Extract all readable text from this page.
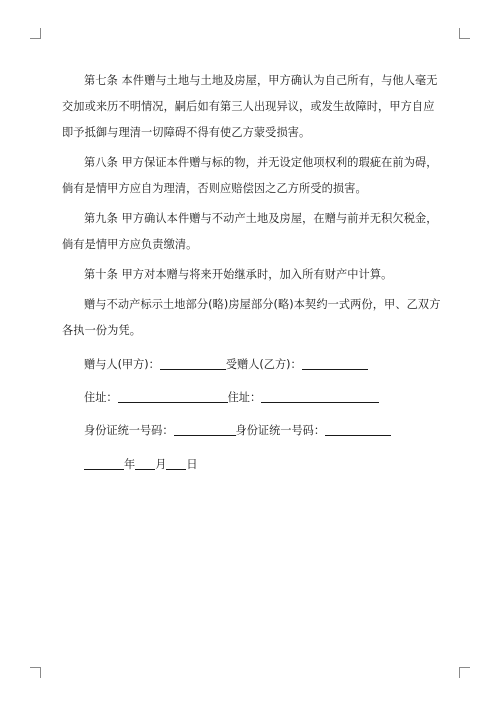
第七条 本件赠与土地与土地及房屋，甲方确认为自己所有，与他人毫无交加或来历不明情况，嗣后如有第三人出现异议，或发生故障时，甲方自应即予抵御与理清一切障碍不得有使乙方蒙受损害。

第八条 甲方保证本件赠与标的物，并无设定他项权利的瑕疵在前为碍，倘有是情甲方应自为理清，否则应赔偿因之乙方所受的损害。

第九条 甲方确认本件赠与不动产土地及房屋，在赠与前并无积欠税金，倘有是情甲方应负责缴清。

第十条 甲方对本赠与将来开始继承时，加入所有财产中计算。

赠与不动产标示土地部分(略)房屋部分(略)本契约一式两份，甲、乙双方各执一份为凭。

赠与人(甲方)：	受赠人(乙方)：
住址：	住址：
身份证统一号码：	身份证统一号码：
年 月 日
